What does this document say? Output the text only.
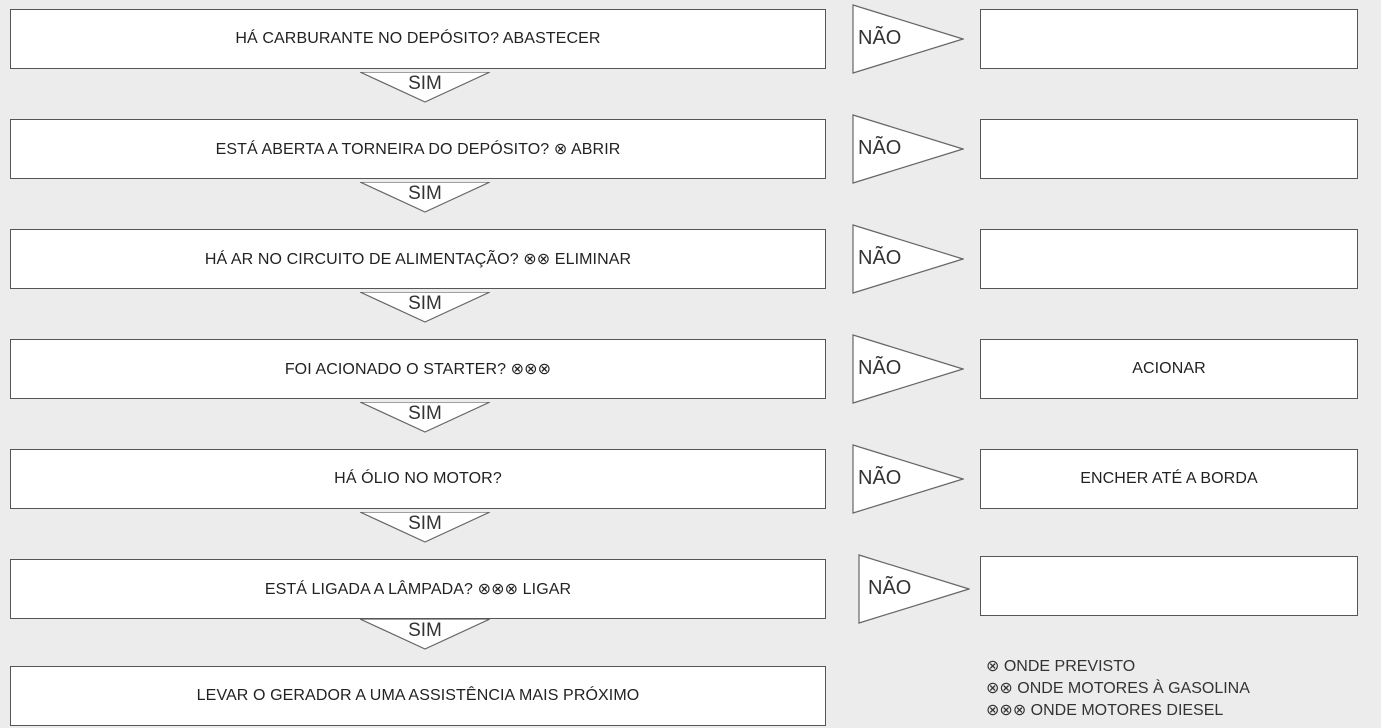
HÁ CARBURANTE NO DEPÓSITO? ABASTECER
ESTÁ ABERTA A TORNEIRA DO DEPÓSITO? ⊗ ABRIR
HÁ AR NO CIRCUITO DE ALIMENTAÇÃO? ⊗⊗ ELIMINAR
FOI ACIONADO O STARTER? ⊗⊗⊗
HÁ ÓLIO NO MOTOR?
ESTÁ LIGADA A LÂMPADA? ⊗⊗⊗ LIGAR
LEVAR O GERADOR A UMA ASSISTÊNCIA MAIS PRÓXIMO
SIM
SIM
SIM
SIM
SIM
SIM
NÃO
NÃO
NÃO
NÃO
NÃO
NÃO
ACIONAR
ENCHER ATÉ A BORDA
⊗ ONDE PREVISTO
⊗⊗ ONDE MOTORES À GASOLINA
⊗⊗⊗ ONDE MOTORES DIESEL
